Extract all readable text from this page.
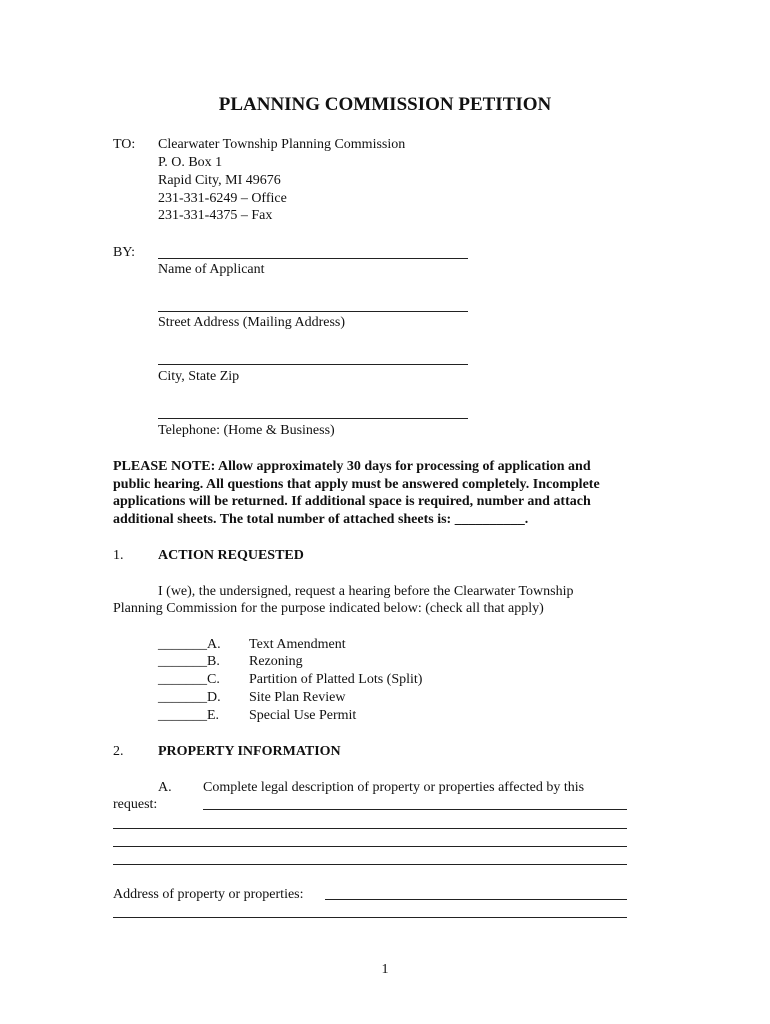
PLANNING COMMISSION PETITION
TO: Clearwater Township Planning Commission
P. O. Box 1
Rapid City, MI 49676
231-331-6249 – Office
231-331-4375 – Fax
BY:
Name of Applicant
Street Address (Mailing Address)
City, State Zip
Telephone: (Home & Business)
PLEASE NOTE: Allow approximately 30 days for processing of application and
public hearing. All questions that apply must be answered completely. Incomplete
applications will be returned. If additional space is required, number and attach
additional sheets. The total number of attached sheets is: __________.
1. ACTION REQUESTED
I (we), the undersigned, request a hearing before the Clearwater Township
Planning Commission for the purpose indicated below: (check all that apply)
_______A. Text Amendment
_______B. Rezoning
_______C. Partition of Platted Lots (Split)
_______D. Site Plan Review
_______E. Special Use Permit
2. PROPERTY INFORMATION
A. Complete legal description of property or properties affected by this
request:
Address of property or properties:
1
